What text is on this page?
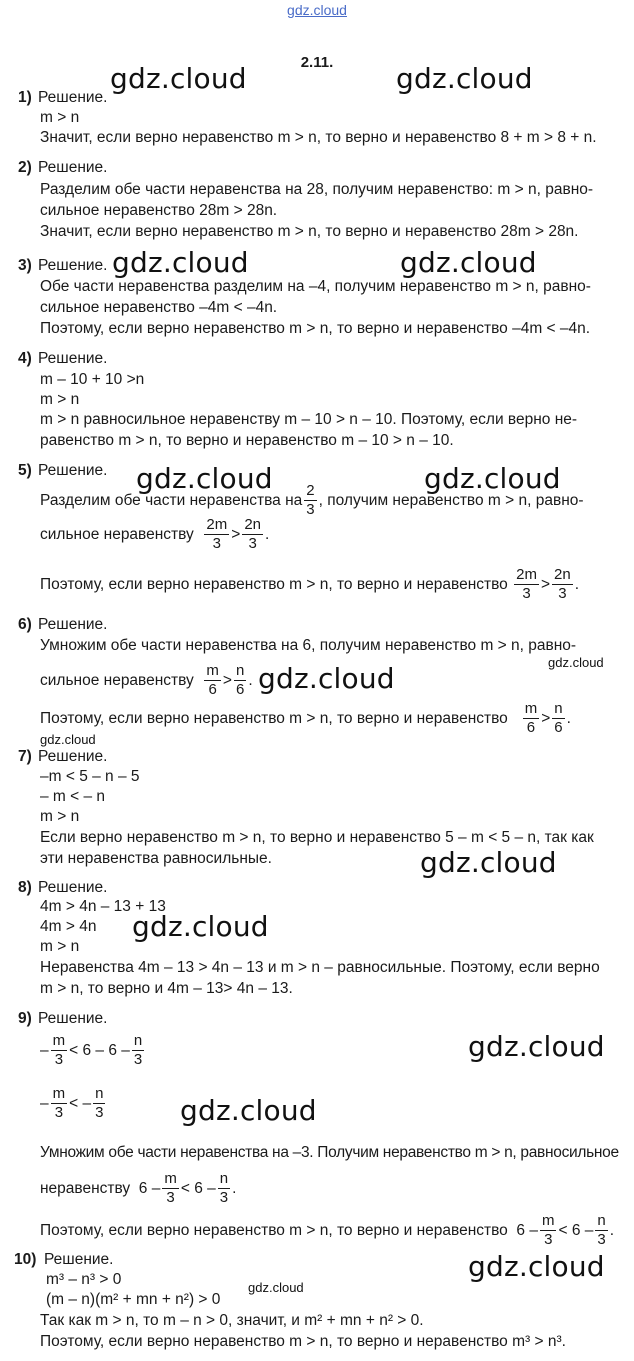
gdz.cloud
gdz.cloud	gdz.cloud
2.11.
1) Решение.
m > n
Значит, если верно неравенство m > n, то верно и неравенство 8 + m > 8 + n.
2) Решение.
Разделим обе части неравенства на 28, получим неравенство: m > n, равно-
сильное неравенство 28m > 28n.
Значит, если верно неравенство m > n, то верно и неравенство 28m > 28n.
gdz.cloud	gdz.cloud
3) Решение.
Обе части неравенства разделим на –4, получим неравенство m > n, равно-
сильное неравенство –4m < –4n.
Поэтому, если верно неравенство m > n, то верно и неравенство –4m < –4n.
4) Решение.
m – 10 + 10 >n
m > n
m > n равносильное неравенству m – 10 > n – 10. Поэтому, если верно не-
равенство m > n, то верно и неравенство m – 10 > n – 10.
gdz.cloud	gdz.cloud
5) Решение.
Разделим обе части неравенства на $\frac{2}{3}$ , получим неравенство m > n, равно-
сильное неравенству
$\frac{2m}{3} > \frac{2n}{3}$ .
Поэтому, если верно неравенство m > n, то верно и неравенство
$\frac{2m}{3} > \frac{2n}{3}$ .
6) Решение.
Умножим обе части неравенства на 6, получим неравенство m > n, равно-
gdz.cloud
сильное неравенству
$\frac{m}{6} > \frac{n}{6}$ . gdz.cloud
Поэтому, если верно неравенство m > n, то верно и неравенство
$\frac{m}{6} > \frac{n}{6}$ .
gdz.cloud
7) Решение.
–m < 5 – n – 5
– m < – n
m > n
Если верно неравенство m > n, то верно и неравенство 5 – m < 5 – n, так как
эти неравенства равносильные.	gdz.cloud
8) Решение.
4m > 4n – 13 + 13
4m > 4n gdz.cloud
m > n
Неравенства 4m – 13 > 4n – 13 и m > n – равносильные. Поэтому, если верно
m > n, то верно и 4m – 13> 4n – 13.
9) Решение.
– $\frac{m}{3} < 6 - 6 - \frac{n}{3}$	gdz.cloud
– $\frac{m}{3}$ < – $\frac{n}{3}$	gdz.cloud
Умножим обе части неравенства на –3. Получим неравенство m > n, равносильное
неравенству
$6 - \frac{m}{3} < 6 - \frac{n}{3}$ .
Поэтому, если верно неравенство m > n, то верно и неравенство
$6 - \frac{m}{3} < 6 - \frac{n}{3}$ .
10) Решение.	gdz.cloud
m³ – n³ > 0	gdz.cloud
(m – n)(m² + mn + n²) > 0
Так как m > n, то m – n > 0, значит, и m² + mn + n² > 0.
Поэтому, если верно неравенство m > n, то верно и неравенство m³ > n³.
